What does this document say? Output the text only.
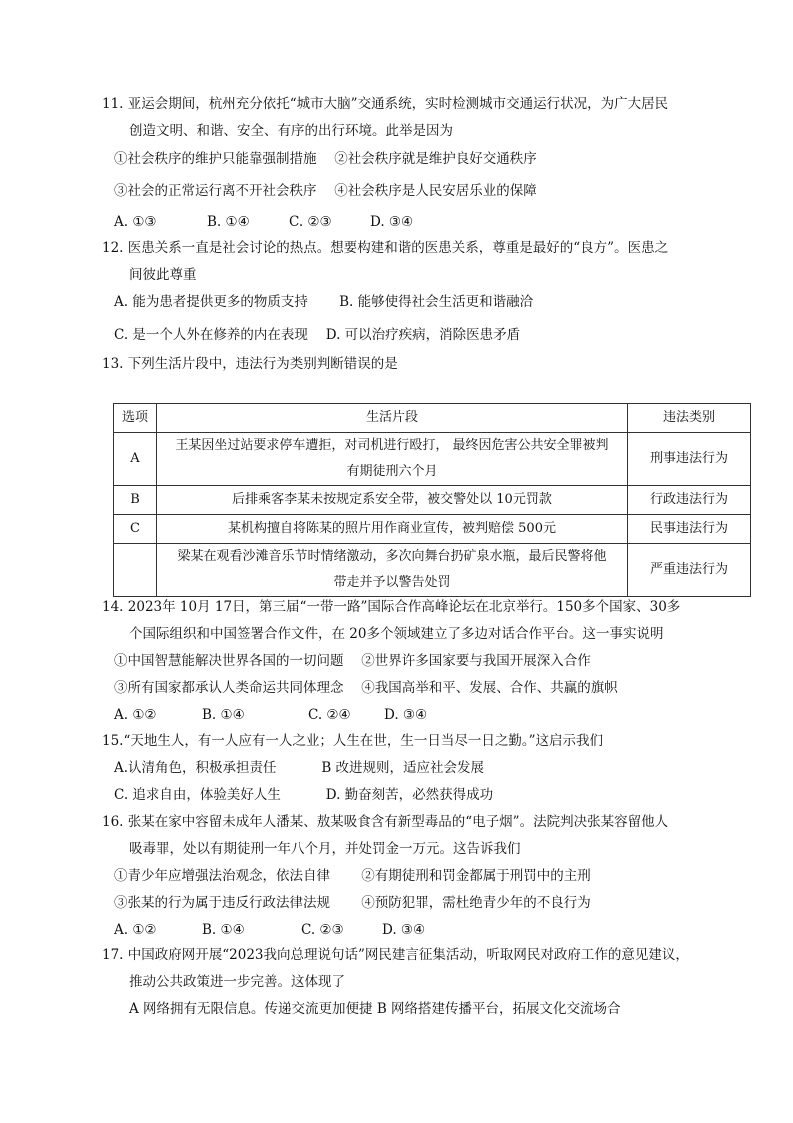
11. 亚运会期间，杭州充分依托“城市大脑”交通系统，实时检测城市交通运行状况，为广大居民
创造文明、和谐、安全、有序的出行环境。此举是因为
①社会秩序的维护只能靠强制措施　 ②社会秩序就是维护良好交通秩序
③社会的正常运行离不开社会秩序　 ④社会秩序是人民安居乐业的保障
A. ①③	B. ①④	C. ②③	D. ③④
12. 医患关系一直是社会讨论的热点。想要构建和谐的医患关系，尊重是最好的“良方”。医患之
间彼此尊重
A. 能为患者提供更多的物质支持　　 B. 能够使得社会生活更和谐融洽
C. 是一个人外在修养的内在表现　 D. 可以治疗疾病，消除医患矛盾
13. 下列生活片段中，违法行为类别判断错误的是
选项	生活片段	违法类别
A	王某因坐过站要求停车遭拒，对司机进行殴打， 最终因危害公共安全罪被判
有期徒刑六个月	刑事违法行为
B	后排乘客李某未按规定系安全带，被交警处以 10元罚款	行政违法行为
C	某机构擅自将陈某的照片用作商业宣传，被判赔偿 500元	民事违法行为

	梁某在观看沙滩音乐节时情绪激动，多次向舞台扔矿泉水瓶，最后民警将他
带走并予以警告处罚	严重违法行为
14. 2023年 10月 17日，第三届“一带一路”国际合作高峰论坛在北京举行。150多个国家、30多
个国际组织和中国签署合作文件，在 20多个领域建立了多边对话合作平台。这一事实说明
①中国智慧能解决世界各国的一切问题　 ②世界许多国家要与我国开展深入合作
③所有国家都承认人类命运共同体理念　 ④我国高举和平、发展、合作、共赢的旗帜
A. ①②	B. ①④	C. ②④ D. ③④
15.“天地生人，有一人应有一人之业；人生在世，生一日当尽一日之勤。”这启示我们
A.认清角色，积极承担责任　　　 B 改进规则，适应社会发展
C. 追求自由，体验美好人生　　　 D. 勤奋刻苦，必然获得成功
16. 张某在家中容留未成年人潘某、敖某吸食含有新型毒品的“电子烟”。法院判决张某容留他人
吸毒罪，处以有期徒刑一年八个月，并处罚金一万元。这告诉我们
①青少年应增强法治观念，依法自律　　 ②有期徒刑和罚金都属于刑罚中的主刑
③张某的行为属于违反行政法律法规　　 ④预防犯罪，需杜绝青少年的不良行为
A. ①②	B. ①④	C. ②③	D. ③④
17. 中国政府网开展“2023我向总理说句话”网民建言征集活动，听取网民对政府工作的意见建议，
推动公共政策进一步完善。这体现了
A 网络拥有无限信息。传递交流更加便捷 B 网络搭建传播平台，拓展文化交流场合
